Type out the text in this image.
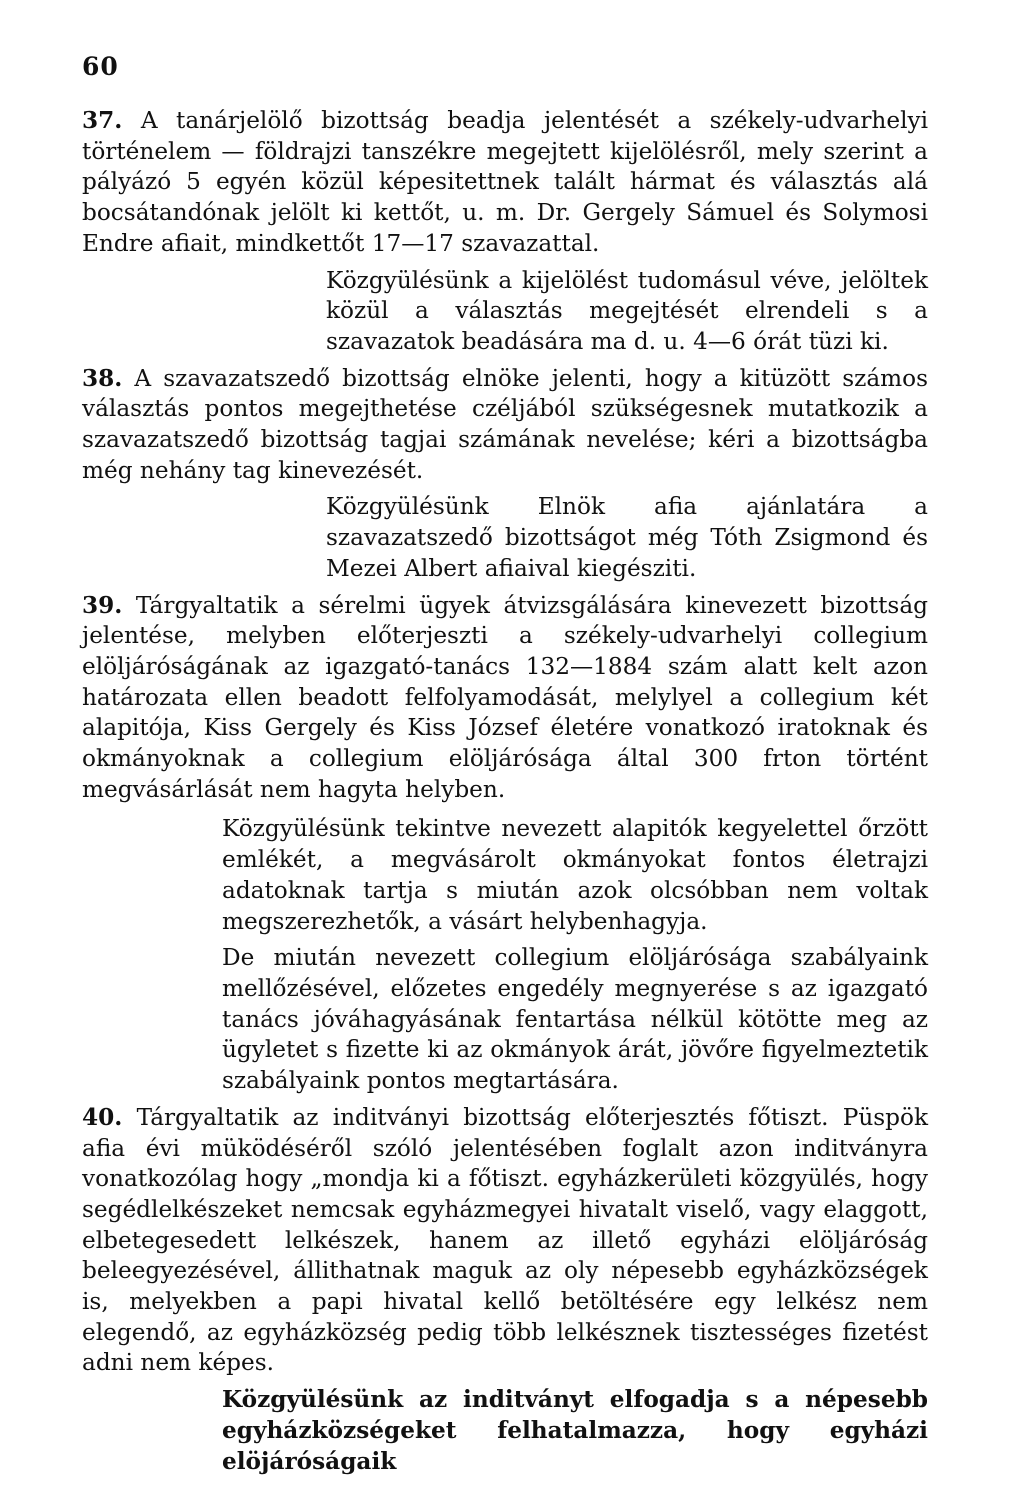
60

37. A tanárjelölő bizottság beadja jelentését a székely-udvarhelyi történelem — földrajzi tanszékre megejtett kijelölésről, mely szerint a pályázó 5 egyén közül képesitettnek talált hármat és választás alá bocsátandónak jelölt ki kettőt, u. m. Dr. Gergely Sámuel és Solymosi Endre afiait, mindkettőt 17—17 szavazattal.

Közgyülésünk a kijelölést tudomásul véve, jelöltek közül a választás megejtését elrendeli s a szavazatok beadására ma d. u. 4—6 órát tüzi ki.

38. A szavazatszedő bizottság elnöke jelenti, hogy a kitüzött számos választás pontos megejthetése czéljából szükségesnek mutatkozik a szavazatszedő bizottság tagjai számának nevelése; kéri a bizottságba még nehány tag kinevezését.

Közgyülésünk Elnök afia ajánlatára a szavazatszedő bizottságot még Tóth Zsigmond és Mezei Albert afiaival kiegésziti.

39. Tárgyaltatik a sérelmi ügyek átvizsgálására kinevezett bizottság jelentése, melyben előterjeszti a székely-udvarhelyi collegium elöljáróságának az igazgató-tanács 132—1884 szám alatt kelt azon határozata ellen beadott felfolyamodását, melylyel a collegium két alapitója, Kiss Gergely és Kiss József életére vonatkozó iratoknak és okmányoknak a collegium elöljárósága által 300 frton történt megvásárlását nem hagyta helyben.

Közgyülésünk tekintve nevezett alapitók kegyelettel őrzött emlékét, a megvásárolt okmányokat fontos életrajzi adatoknak tartja s miután azok olcsóbban nem voltak megszerezhetők, a vásárt helybenhagyja.

De miután nevezett collegium elöljárósága szabályaink mellőzésével, előzetes engedély megnyerése s az igazgató tanács jóváhagyásának fentartása nélkül kötötte meg az ügyletet s fizette ki az okmányok árát, jövőre figyelmeztetik szabályaink pontos megtartására.

40. Tárgyaltatik az inditványi bizottság előterjesztés főtiszt. Püspök afia évi müködéséről szóló jelentésében foglalt azon inditványra vonatkozólag hogy „mondja ki a főtiszt. egyházkerületi közgyülés, hogy segédlelkészeket nemcsak egyházmegyei hivatalt viselő, vagy elaggott, elbetegesedett lelkészek, hanem az illető egyházi elöljáróság beleegyezésével, állithatnak maguk az oly népesebb egyházközségek is, melyekben a papi hivatal kellő betöltésére egy lelkész nem elegendő, az egyházközség pedig több lelkésznek tisztességes fizetést adni nem képes.

Közgyülésünk az inditványt elfogadja s a népesebb egyházközségeket felhatalmazza, hogy egyházi elöjáróságaik
